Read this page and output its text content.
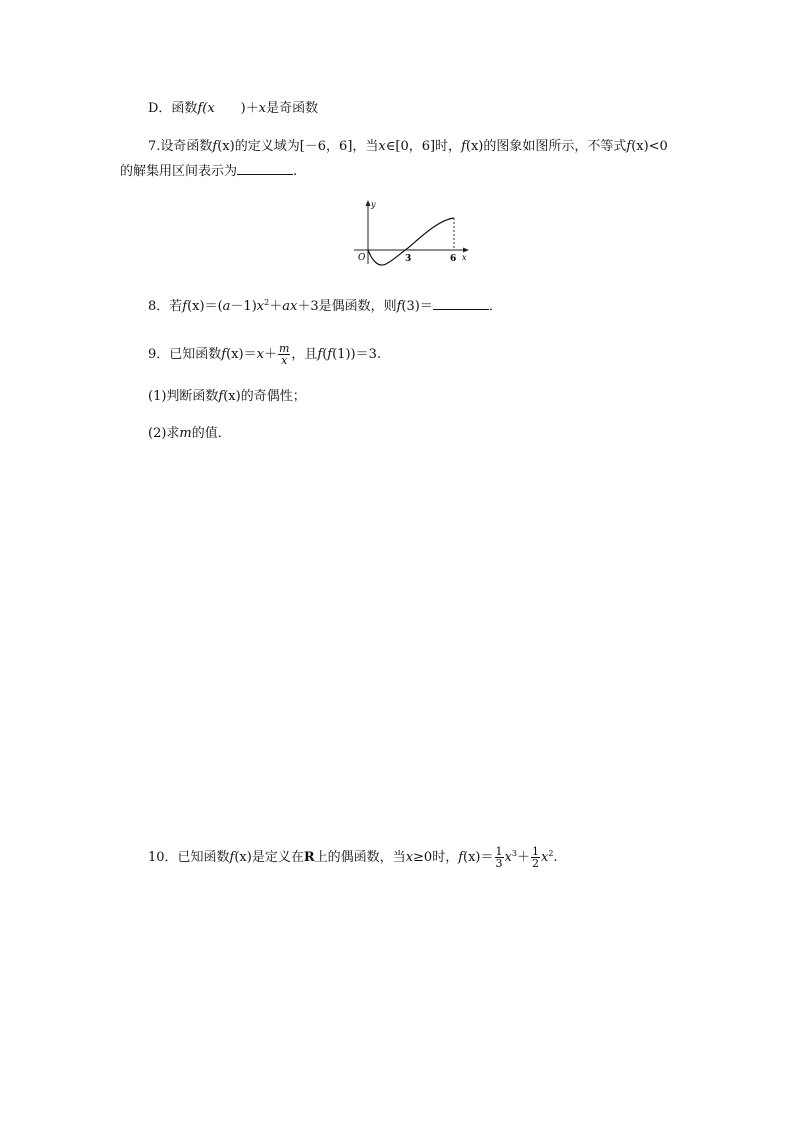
D．函数f(x　　 )＋x是奇函数
7.设奇函数f(x)的定义域为[－6，6]，当x∈[0，6]时，f(x)的图象如图所示，不等式f(x)<0
的解集用区间表示为	.
O	3	6 x
y
8．若$f(x)=(a-1)x^2+ax+3$是偶函数，则f(3)＝	．
9．已知函数$f(x)=x+ \frac{m}{x}$ ，且f(f(1))＝3.
(1)判断函数f(x)的奇偶性；
(2)求m的值．
10．已知函数f(x)是定义在R上的偶函数，当x≥0时，$f(x)= \frac{1}{3} x^3+ \frac{1}{2} x^2$.
